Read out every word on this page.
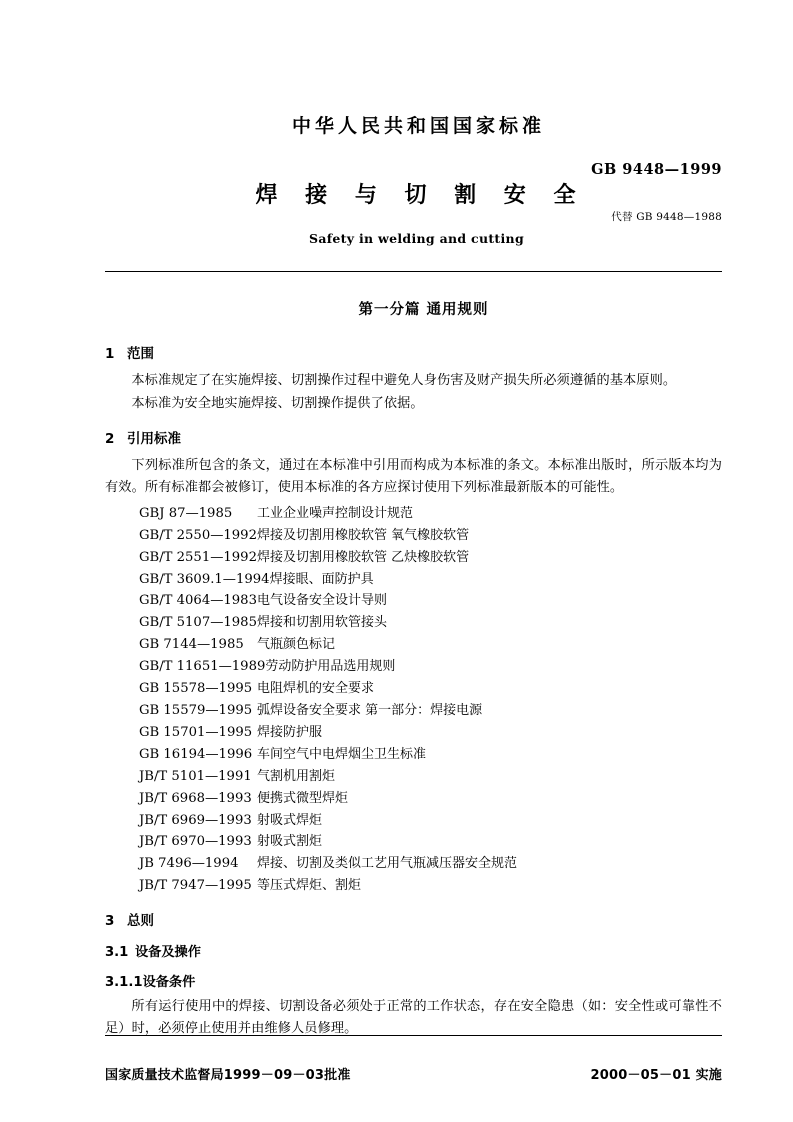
中华人民共和国国家标准
焊 接 与 切 割 安 全
Safety in welding and cutting
GB 9448—1999
代替 GB 9448—1988
第一分篇 通用规则
1 范围

本标准规定了在实施焊接、切割操作过程中避免人身伤害及财产损失所必须遵循的基本原则。

本标准为安全地实施焊接、切割操作提供了依据。

2 引用标准

下列标准所包含的条文，通过在本标准中引用而构成为本标准的条文。本标准出版时，所示版本均为有效。所有标准都会被修订，使用本标准的各方应探讨使用下列标准最新版本的可能性。

GBJ 87—1985 工业企业噪声控制设计规范
GB/T 2550—1992焊接及切割用橡胶软管 氧气橡胶软管
GB/T 2551—1992焊接及切割用橡胶软管 乙炔橡胶软管
GB/T 3609.1—1994焊接眼、面防护具
GB/T 4064—1983电气设备安全设计导则
GB/T 5107—1985焊接和切割用软管接头
GB 7144—1985 气瓶颜色标记
GB/T 11651—1989劳动防护用品选用规则
GB 15578—1995 电阻焊机的安全要求
GB 15579—1995 弧焊设备安全要求 第一部分：焊接电源
GB 15701—1995 焊接防护服
GB 16194—1996 车间空气中电焊烟尘卫生标准
JB/T 5101—1991 气割机用割炬
JB/T 6968—1993 便携式微型焊炬
JB/T 6969—1993 射吸式焊炬
JB/T 6970—1993 射吸式割炬
JB 7496—1994 焊接、切割及类似工艺用气瓶减压器安全规范
JB/T 7947—1995 等压式焊炬、割炬
3 总则
3.1 设备及操作
3.1.1设备条件

所有运行使用中的焊接、切割设备必须处于正常的工作状态，存在安全隐患（如：安全性或可靠性不足）时，必须停止使用并由维修人员修理。

国家质量技术监督局1999－09－03批准	2000－05－01 实施
